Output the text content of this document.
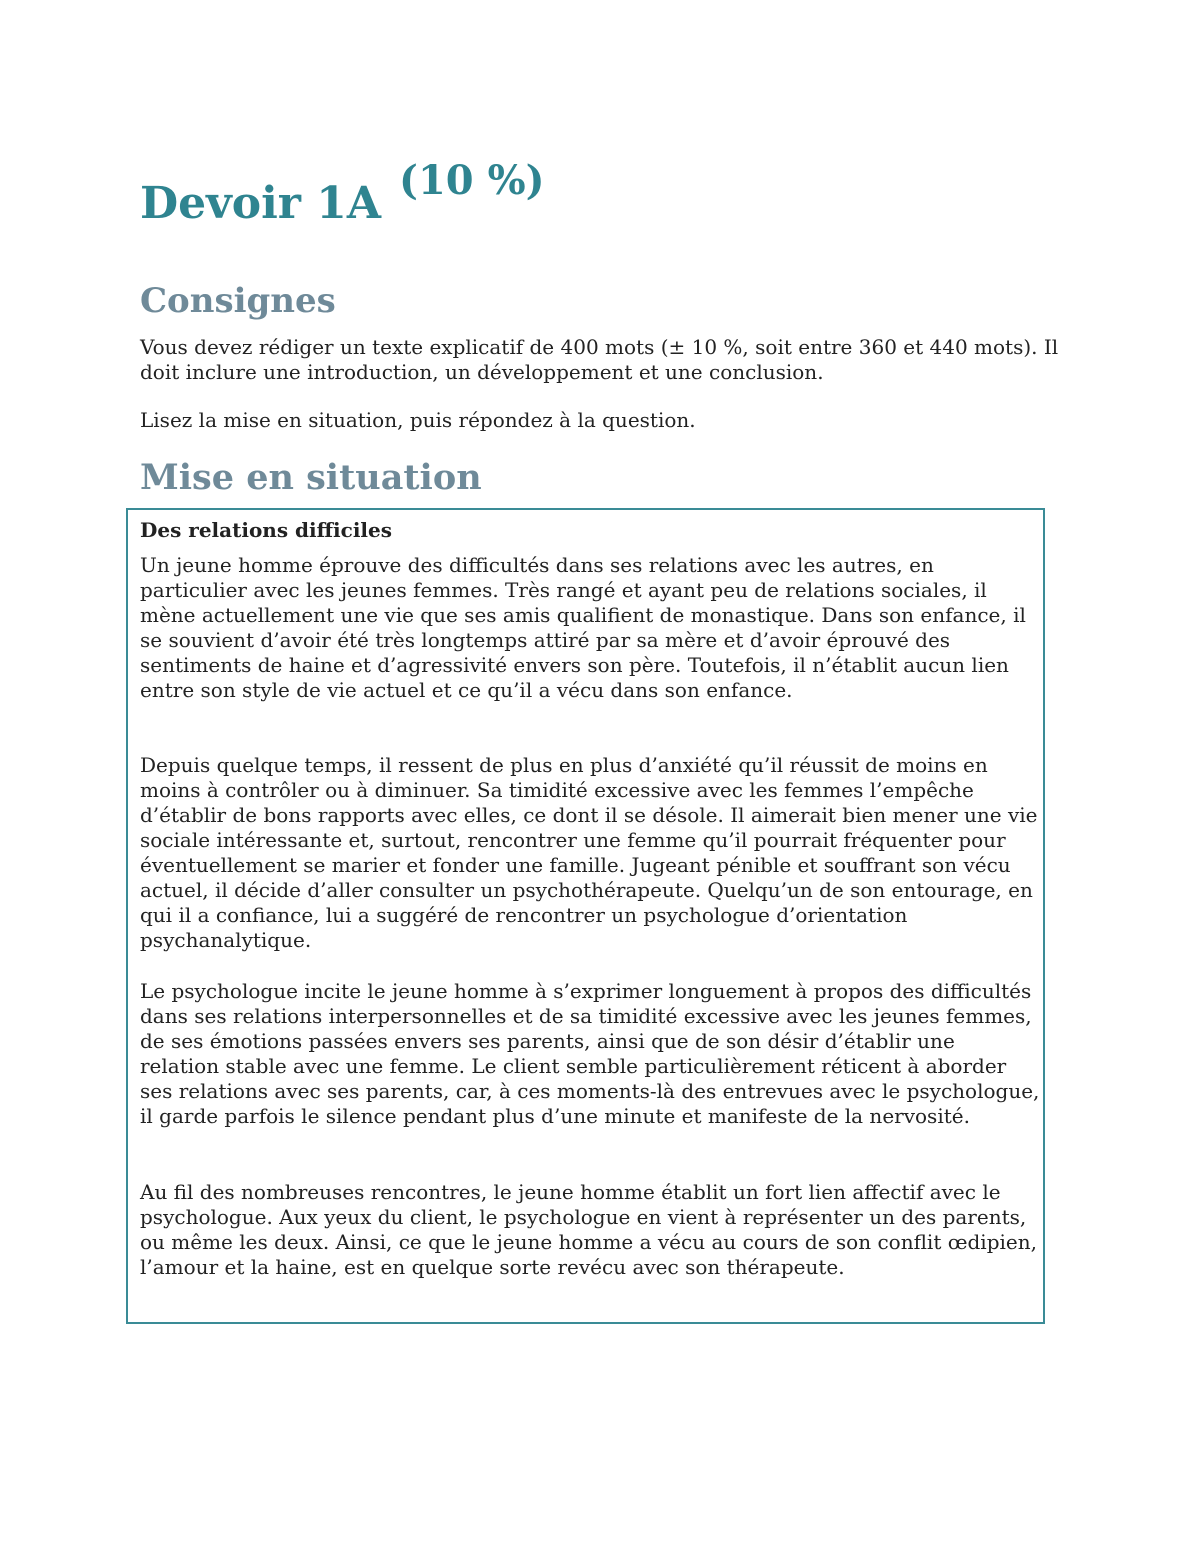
Devoir 1A (10 %)
Consignes

Vous devez rédiger un texte explicatif de 400 mots (± 10 %, soit entre 360 et 440 mots). Il doit inclure une introduction, un développement et une conclusion.

Lisez la mise en situation, puis répondez à la question.

Mise en situation

Des relations difficiles

Un jeune homme éprouve des difficultés dans ses relations avec les autres, en particulier avec les jeunes femmes. Très rangé et ayant peu de relations sociales, il mène actuellement une vie que ses amis qualifient de monastique. Dans son enfance, il se souvient d’avoir été très longtemps attiré par sa mère et d’avoir éprouvé des sentiments de haine et d’agressivité envers son père. Toutefois, il n’établit aucun lien entre son style de vie actuel et ce qu’il a vécu dans son enfance.

Depuis quelque temps, il ressent de plus en plus d’anxiété qu’il réussit de moins en moins à contrôler ou à diminuer. Sa timidité excessive avec les femmes l’empêche d’établir de bons rapports avec elles, ce dont il se désole. Il aimerait bien mener une vie sociale intéressante et, surtout, rencontrer une femme qu’il pourrait fréquenter pour éventuellement se marier et fonder une famille. Jugeant pénible et souffrant son vécu actuel, il décide d’aller consulter un psychothérapeute. Quelqu’un de son entourage, en qui il a confiance, lui a suggéré de rencontrer un psychologue d’orientation psychanalytique.

Le psychologue incite le jeune homme à s’exprimer longuement à propos des difficultés dans ses relations interpersonnelles et de sa timidité excessive avec les jeunes femmes, de ses émotions passées envers ses parents, ainsi que de son désir d’établir une relation stable avec une femme. Le client semble particulièrement réticent à aborder ses relations avec ses parents, car, à ces moments-là des entrevues avec le psychologue, il garde parfois le silence pendant plus d’une minute et manifeste de la nervosité.

Au fil des nombreuses rencontres, le jeune homme établit un fort lien affectif avec le psychologue. Aux yeux du client, le psychologue en vient à représenter un des parents, ou même les deux. Ainsi, ce que le jeune homme a vécu au cours de son conflit œdipien, l’amour et la haine, est en quelque sorte revécu avec son thérapeute.
